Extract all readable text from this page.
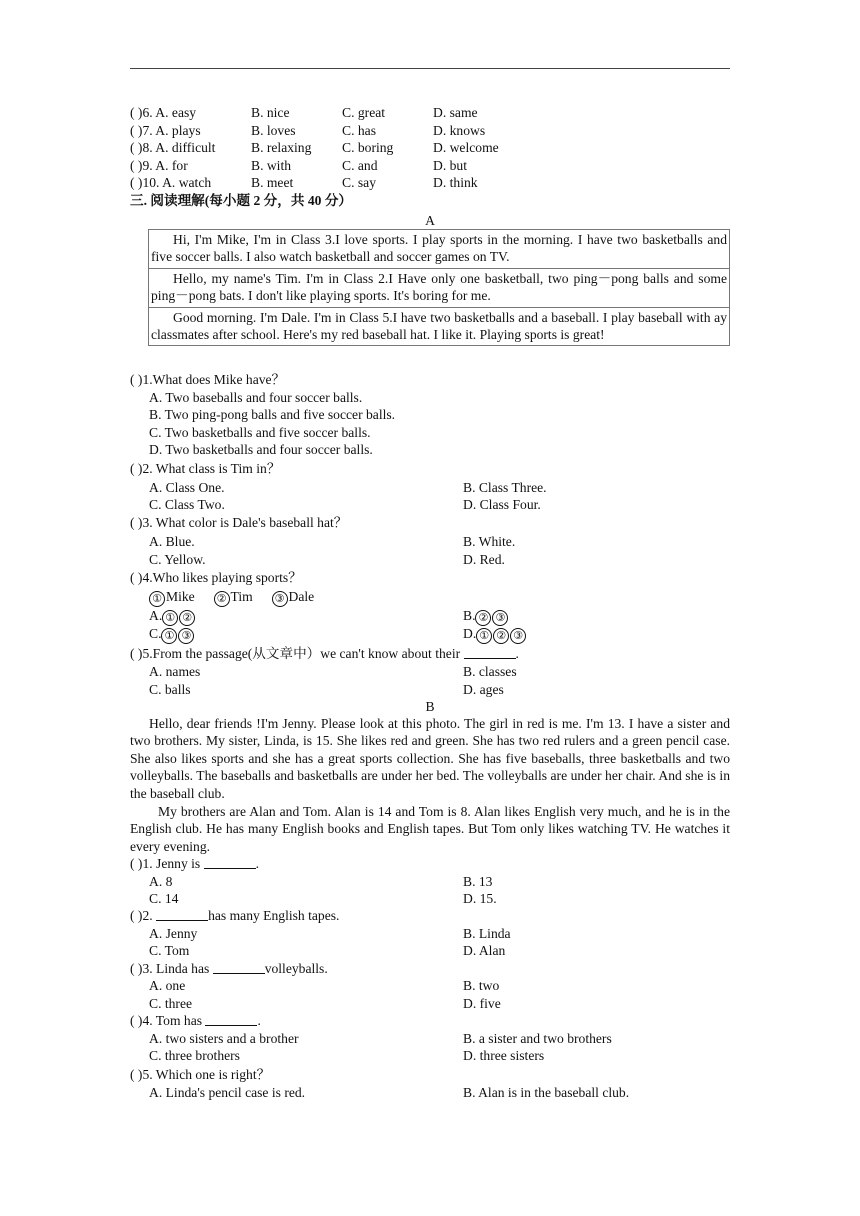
( )6. A. easy	B. nice	C. great	D. same
( )7. A. plays	B. loves	C. has	D. knows
( )8. A. difficult	B. relaxing C. boring	D. welcome
( )9. A. for	B. with	C. and	D. but
( )10. A. watch	B. meet	C. say	D. think
三. 阅读理解(每小题 2 分，共 40 分）
A
Hi, I'm Mike, I'm in Class 3.I love sports. I play sports in the morning. I have two basketballs and five soccer balls. I also watch basketball and soccer games on TV.
Hello, my name's Tim. I'm in Class 2.I Have only one basketball, two ping－pong balls and some ping－pong bats. I don't like playing sports. It's boring for me.
Good morning. I'm Dale. I'm in Class 5.I have two basketballs and a baseball. I play baseball with ay classmates after school. Here's my red baseball hat. I like it. Playing sports is great!
( )1.What does Mike have？
A. Two baseballs and four soccer balls.
B. Two ping-pong balls and five soccer balls.
C. Two basketballs and five soccer balls.
D. Two basketballs and four soccer balls.
( )2. What class is Tim in？
A. Class One.	B. Class Three.
C. Class Two.	D. Class Four.
( )3. What color is Dale's baseball hat？
A. Blue.	B. White.
C. Yellow.	D. Red.
( )4.Who likes playing sports？
① Mike ② Tim ③ Dale
A. ① ②	B. ② ③
C. ① ③	D. ① ② ③
( )5.From the passage(从文章中）we can't know about their	.
A. names	B. classes
C. balls	D. ages
B
Hello, dear friends !I'm Jenny. Please look at this photo. The girl in red is me. I'm 13. I have a sister and two brothers. My sister, Linda, is 15. She likes red and green. She has two red rulers and a green pencil case. She also likes sports and she has a great sports collection. She has five baseballs, three basketballs and two volleyballs. The baseballs and basketballs are under her bed. The volleyballs are under her chair. And she is in the baseball club.
My brothers are Alan and Tom. Alan is 14 and Tom is 8. Alan likes English very much, and he is in the English club. He has many English books and English tapes. But Tom only likes watching TV. He watches it every evening.
( )1. Jenny is	.
A. 8	B. 13
C. 14	D. 15.
( )2.	has many English tapes.
A. Jenny	B. Linda
C. Tom	D. Alan
( )3. Linda has	volleyballs.
A. one	B. two
C. three	D. five
( )4. Tom has	.
A. two sisters and a brother	B. a sister and two brothers
C. three brothers	D. three sisters
( )5. Which one is right？
A. Linda's pencil case is red.	B. Alan is in the baseball club.
